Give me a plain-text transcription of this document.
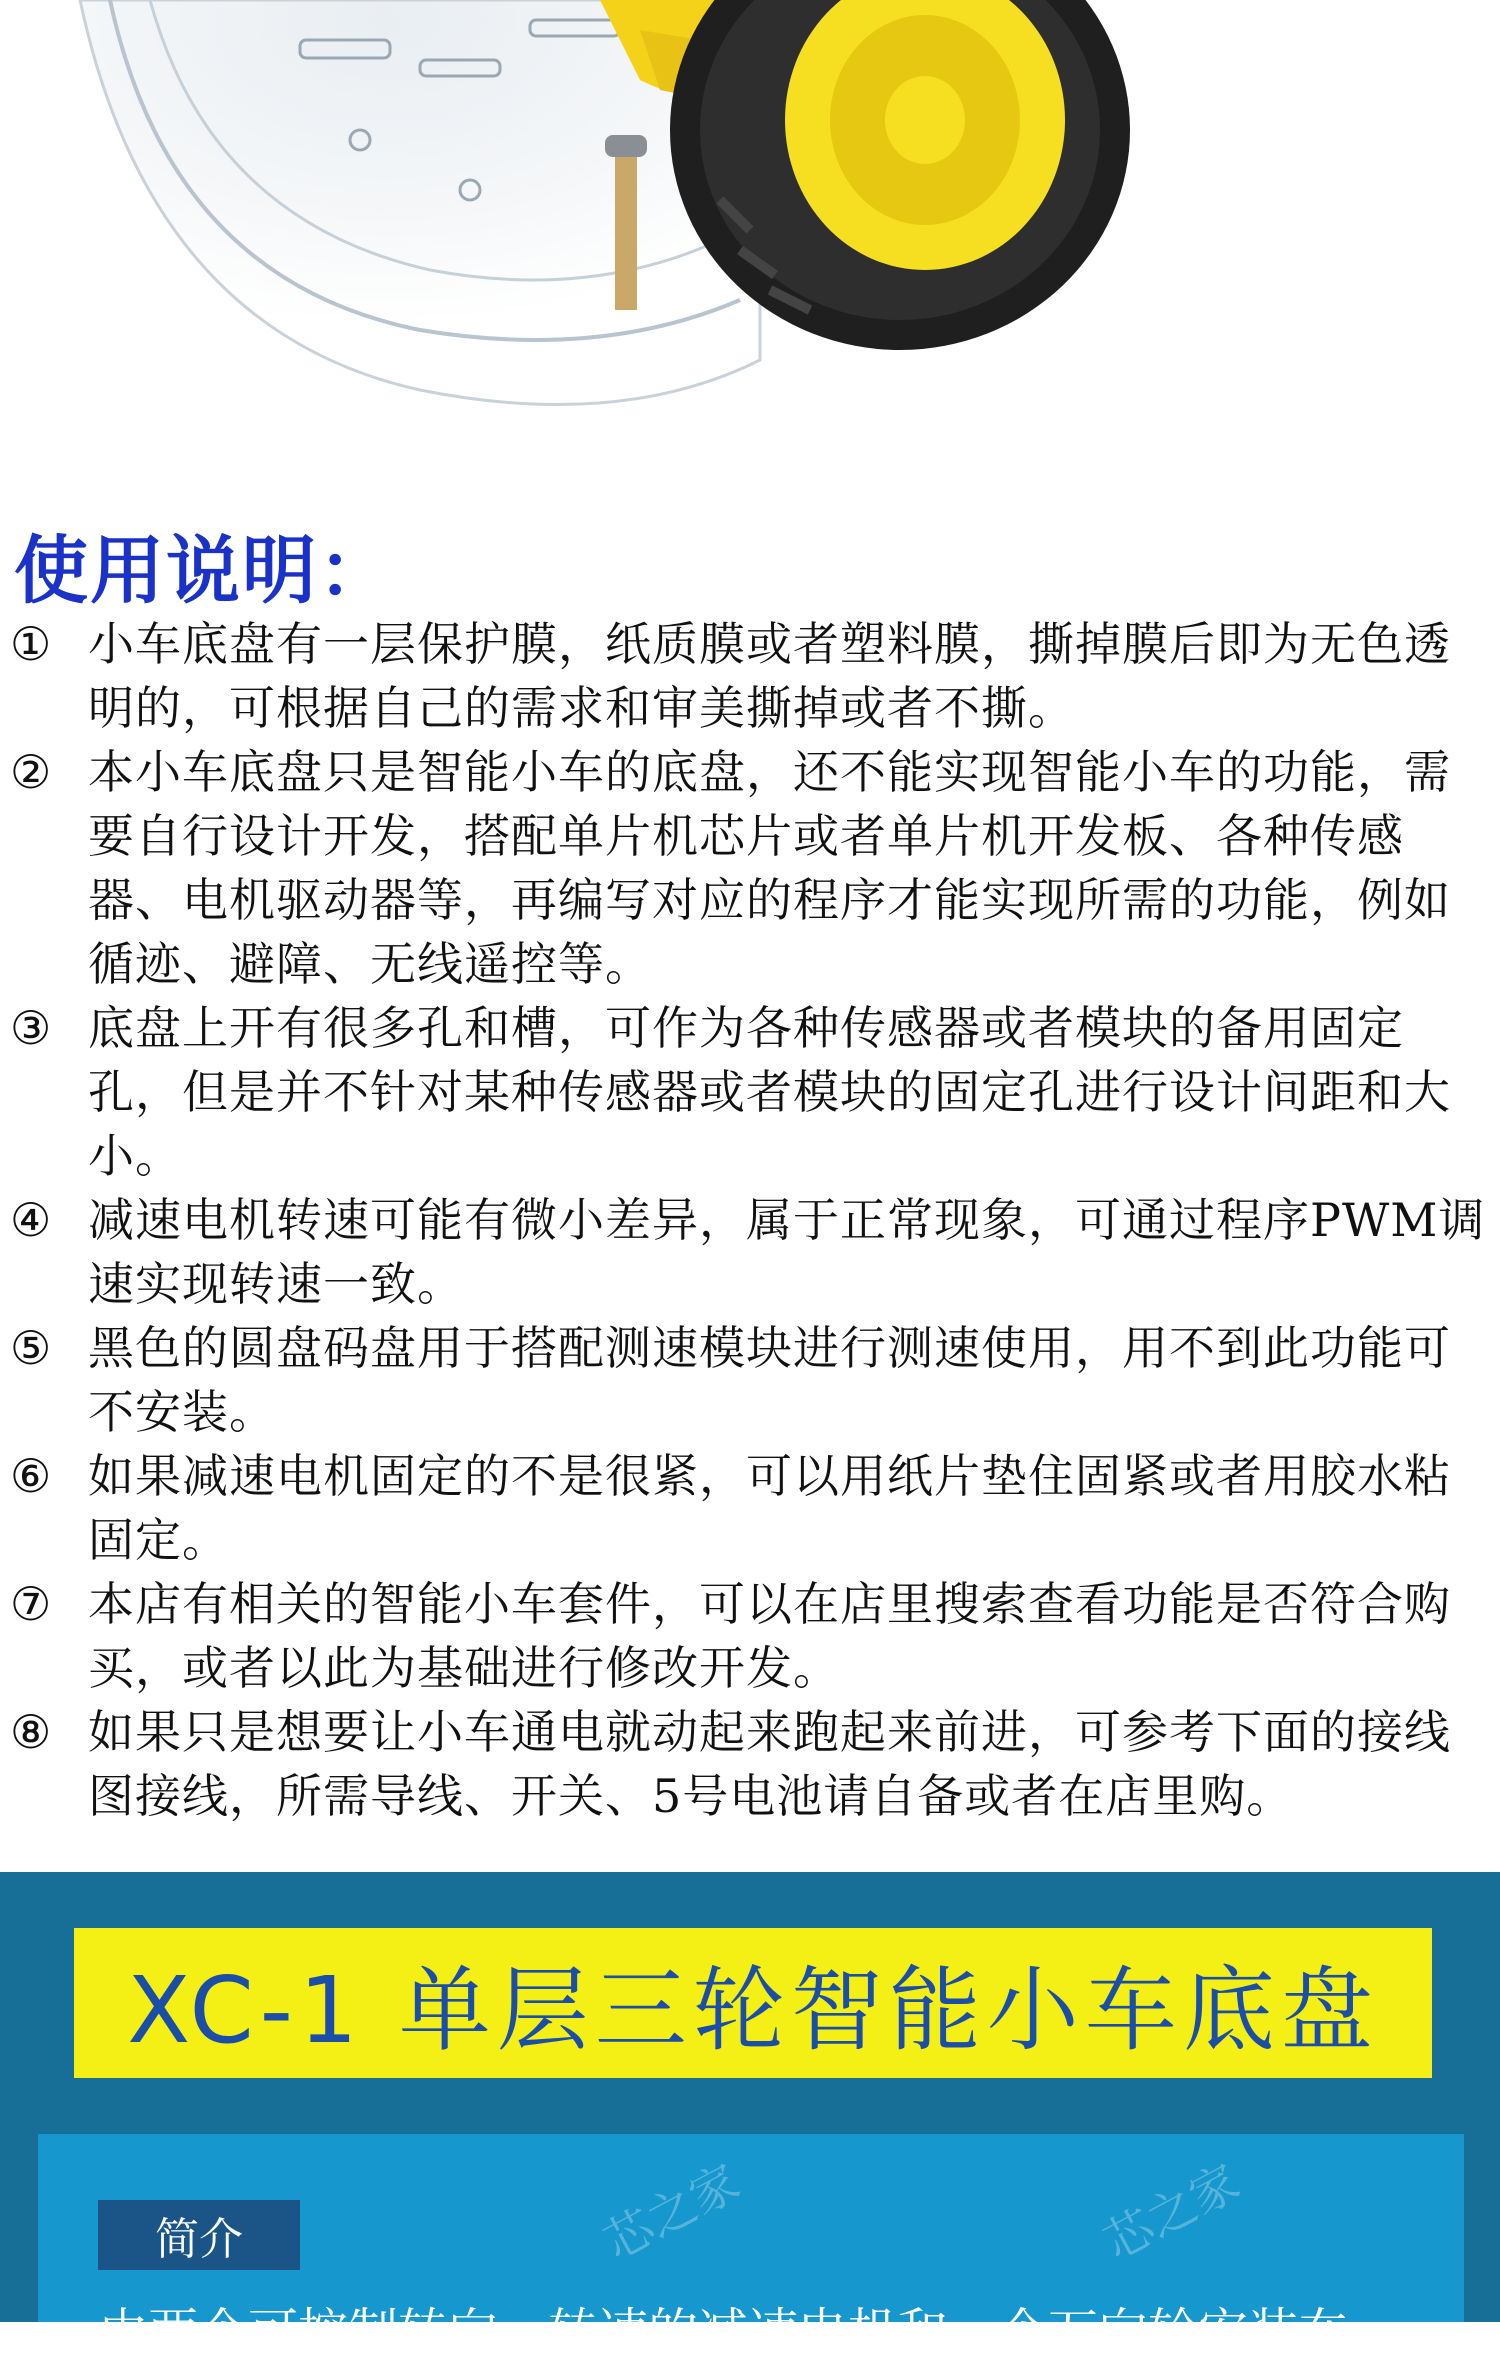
使用说明：
① 小车底盘有一层保护膜，纸质膜或者塑料膜，撕掉膜后即为无色透明的，可根据自己的需求和审美撕掉或者不撕。
② 本小车底盘只是智能小车的底盘，还不能实现智能小车的功能，需要自行设计开发，搭配单片机芯片或者单片机开发板、各种传感器、电机驱动器等，再编写对应的程序才能实现所需的功能，例如循迹、避障、无线遥控等。
③ 底盘上开有很多孔和槽，可作为各种传感器或者模块的备用固定孔，但是并不针对某种传感器或者模块的固定孔进行设计间距和大小。
④ 减速电机转速可能有微小差异，属于正常现象，可通过程序PWM调速实现转速一致。
⑤ 黑色的圆盘码盘用于搭配测速模块进行测速使用，用不到此功能可不安装。
⑥ 如果减速电机固定的不是很紧，可以用纸片垫住固紧或者用胶水粘固定。
⑦ 本店有相关的智能小车套件，可以在店里搜索查看功能是否符合购买，或者以此为基础进行修改开发。
⑧ 如果只是想要让小车通电就动起来跑起来前进，可参考下面的接线图接线，所需导线、开关、5号电池请自备或者在店里购。
XC-1 单层三轮智能小车底盘
芯之家	芯之家
简介
由两个可控制转向、转速的减速电机和一个万向轮安装在一
